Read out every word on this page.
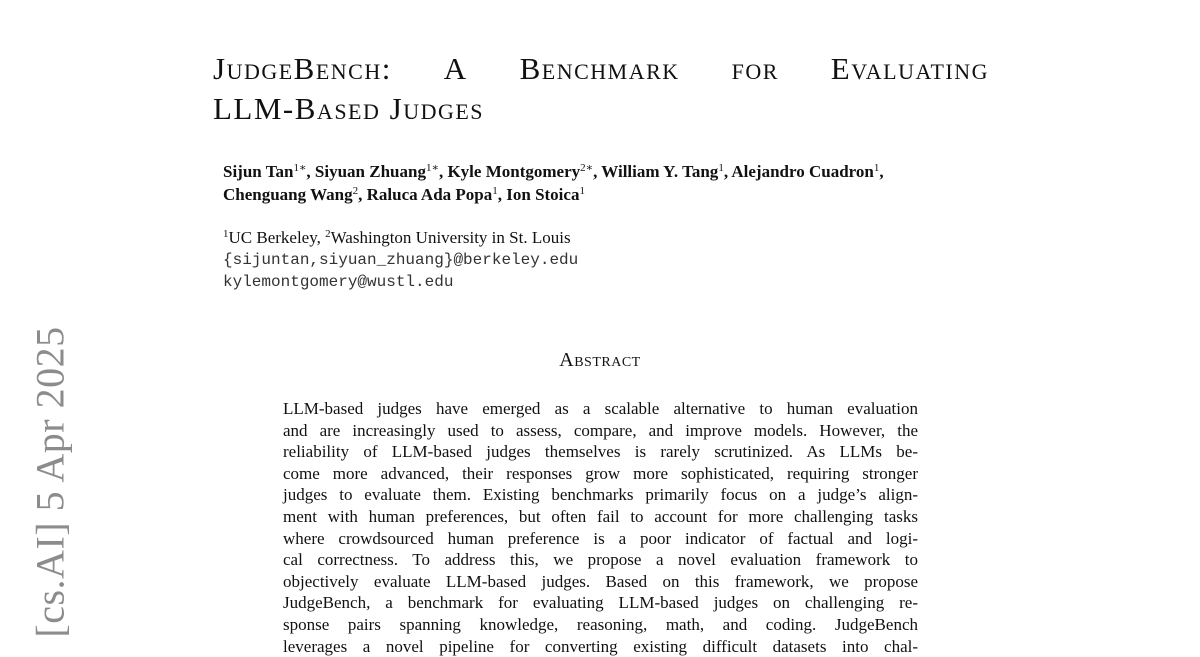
[cs.AI] 5 Apr 2025
JudgeBench: A Benchmark for Evaluating
LLM-Based Judges
Sijun Tan$^{1∗}$, Siyuan Zhuang$^{1∗}$, Kyle Montgomery$^{2∗}$, William Y. Tang$^1$, Alejandro Cuadron$^1$,
Chenguang Wang$^2$, Raluca Ada Popa$^1$, Ion Stoica$^1$
$^1$UC Berkeley, $^2$Washington University in St. Louis
{sijuntan,siyuan_zhuang}@berkeley.edu
kylemontgomery@wustl.edu
Abstract
LLM-based judges have emerged as a scalable alternative to human evaluation
and are increasingly used to assess, compare, and improve models. However, the
reliability of LLM-based judges themselves is rarely scrutinized. As LLMs be-
come more advanced, their responses grow more sophisticated, requiring stronger
judges to evaluate them. Existing benchmarks primarily focus on a judge’s align-
ment with human preferences, but often fail to account for more challenging tasks
where crowdsourced human preference is a poor indicator of factual and logi-
cal correctness. To address this, we propose a novel evaluation framework to
objectively evaluate LLM-based judges. Based on this framework, we propose
JudgeBench, a benchmark for evaluating LLM-based judges on challenging re-
sponse pairs spanning knowledge, reasoning, math, and coding. JudgeBench
leverages a novel pipeline for converting existing difficult datasets into chal-
